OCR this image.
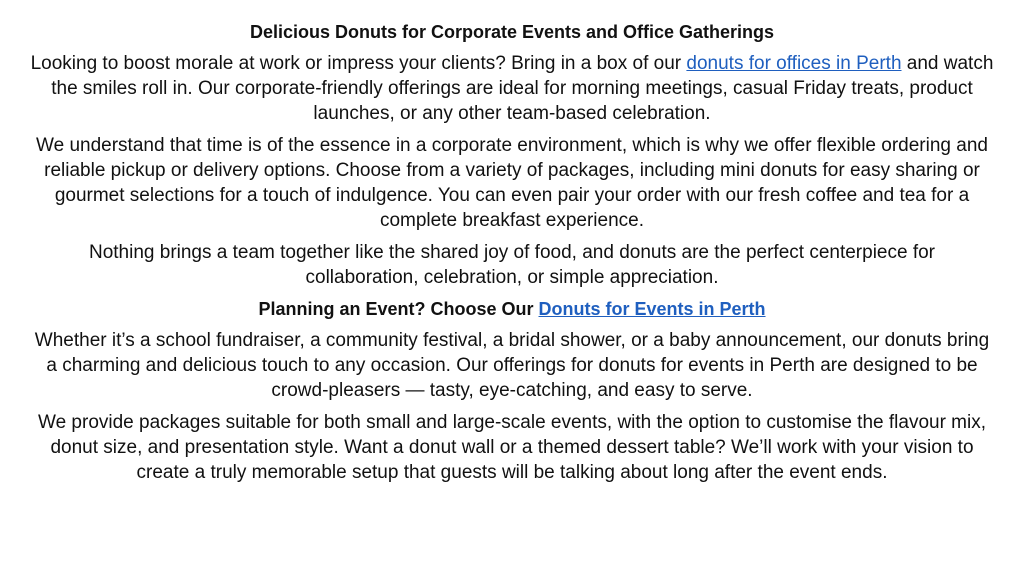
Delicious Donuts for Corporate Events and Office Gatherings

Looking to boost morale at work or impress your clients? Bring in a box of our donuts for offices in Perth and watch the smiles roll in. Our corporate-friendly offerings are ideal for morning meetings, casual Friday treats, product launches, or any other team-based celebration.

We understand that time is of the essence in a corporate environment, which is why we offer flexible ordering and reliable pickup or delivery options. Choose from a variety of packages, including mini donuts for easy sharing or gourmet selections for a touch of indulgence. You can even pair your order with our fresh coffee and tea for a complete breakfast experience.

Nothing brings a team together like the shared joy of food, and donuts are the perfect centerpiece for collaboration, celebration, or simple appreciation.

Planning an Event? Choose Our Donuts for Events in Perth

Whether it’s a school fundraiser, a community festival, a bridal shower, or a baby announcement, our donuts bring a charming and delicious touch to any occasion. Our offerings for donuts for events in Perth are designed to be crowd-pleasers — tasty, eye-catching, and easy to serve.

We provide packages suitable for both small and large-scale events, with the option to customise the flavour mix, donut size, and presentation style. Want a donut wall or a themed dessert table? We’ll work with your vision to create a truly memorable setup that guests will be talking about long after the event ends.
